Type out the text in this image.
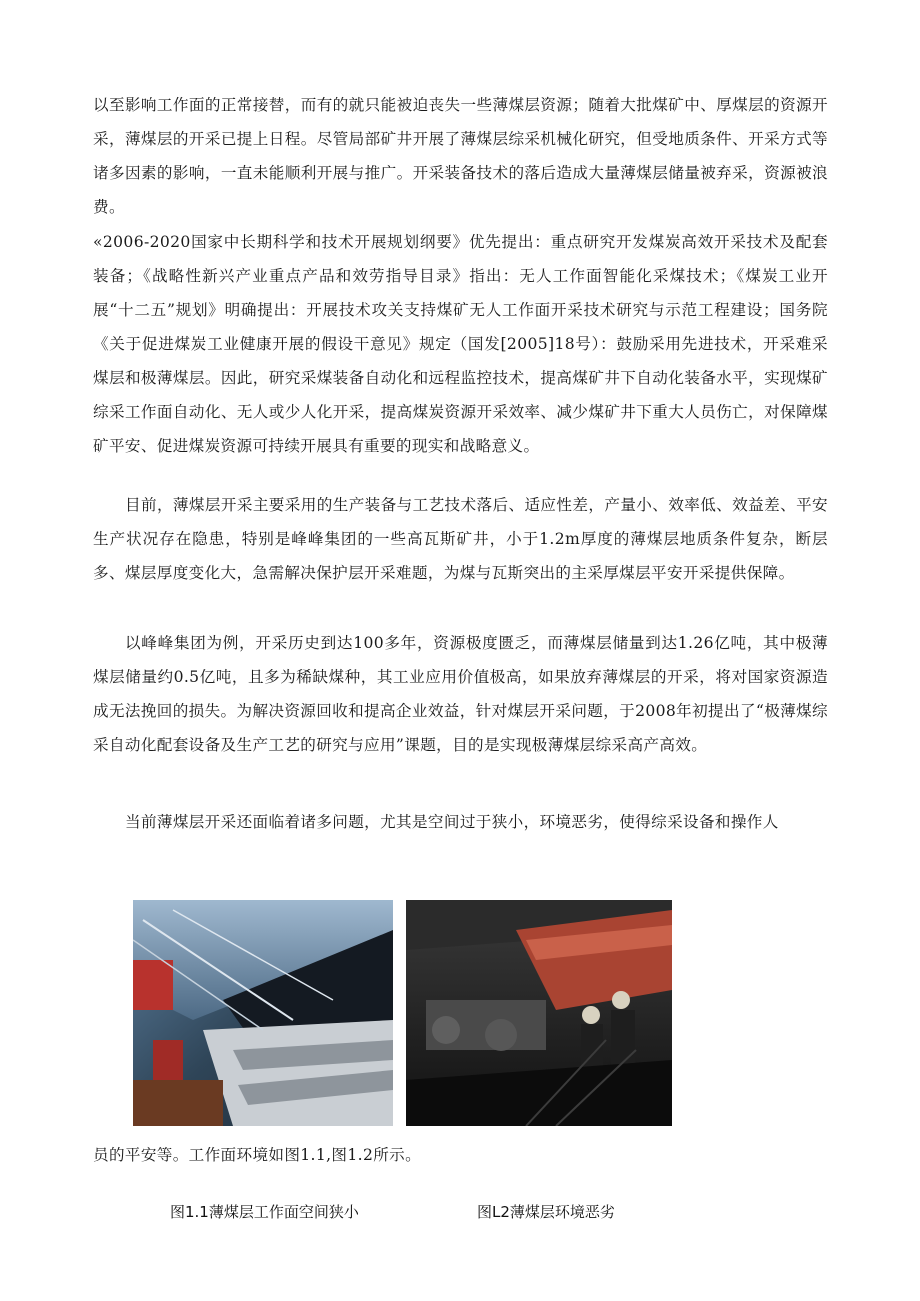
以至影响工作面的正常接替，而有的就只能被迫丧失一些薄煤层资源；随着大批煤矿中、厚煤层的资源开采，薄煤层的开采已提上日程。尽管局部矿井开展了薄煤层综采机械化研究，但受地质条件、开采方式等诸多因素的影响，一直未能顺利开展与推广。开采装备技术的落后造成大量薄煤层储量被弃采，资源被浪费。

«2006-2020国家中长期科学和技术开展规划纲要》优先提出：重点研究开发煤炭高效开采技术及配套装备；《战略性新兴产业重点产品和效劳指导目录》指出：无人工作面智能化采煤技术；《煤炭工业开展“十二五”规划》明确提出：开展技术攻关支持煤矿无人工作面开采技术研究与示范工程建设；国务院《关于促进煤炭工业健康开展的假设干意见》规定（国发[2005]18号）：鼓励采用先进技术，开采难采煤层和极薄煤层。因此，研究采煤装备自动化和远程监控技术，提高煤矿井下自动化装备水平，实现煤矿综采工作面自动化、无人或少人化开采，提高煤炭资源开采效率、减少煤矿井下重大人员伤亡，对保障煤矿平安、促进煤炭资源可持续开展具有重要的现实和战略意义。

目前，薄煤层开采主要采用的生产装备与工艺技术落后、适应性差，产量小、效率低、效益差、平安生产状况存在隐患，特别是峰峰集团的一些高瓦斯矿井，小于1.2m厚度的薄煤层地质条件复杂，断层多、煤层厚度变化大，急需解决保护层开采难题，为煤与瓦斯突出的主采厚煤层平安开采提供保障。

以峰峰集团为例，开采历史到达100多年，资源极度匮乏，而薄煤层储量到达1.26亿吨，其中极薄煤层储量约0.5亿吨，且多为稀缺煤种，其工业应用价值极高，如果放弃薄煤层的开采，将对国家资源造成无法挽回的损失。为解决资源回收和提高企业效益，针对煤层开采问题，于2008年初提出了“极薄煤综采自动化配套设备及生产工艺的研究与应用”课题，目的是实现极薄煤层综采高产高效。

当前薄煤层开采还面临着诸多问题，尤其是空间过于狭小，环境恶劣，使得综采设备和操作人

员的平安等。工作面环境如图1.1,图1.2所示。

图1.1薄煤层工作面空间狭小	图L2薄煤层环境恶劣
